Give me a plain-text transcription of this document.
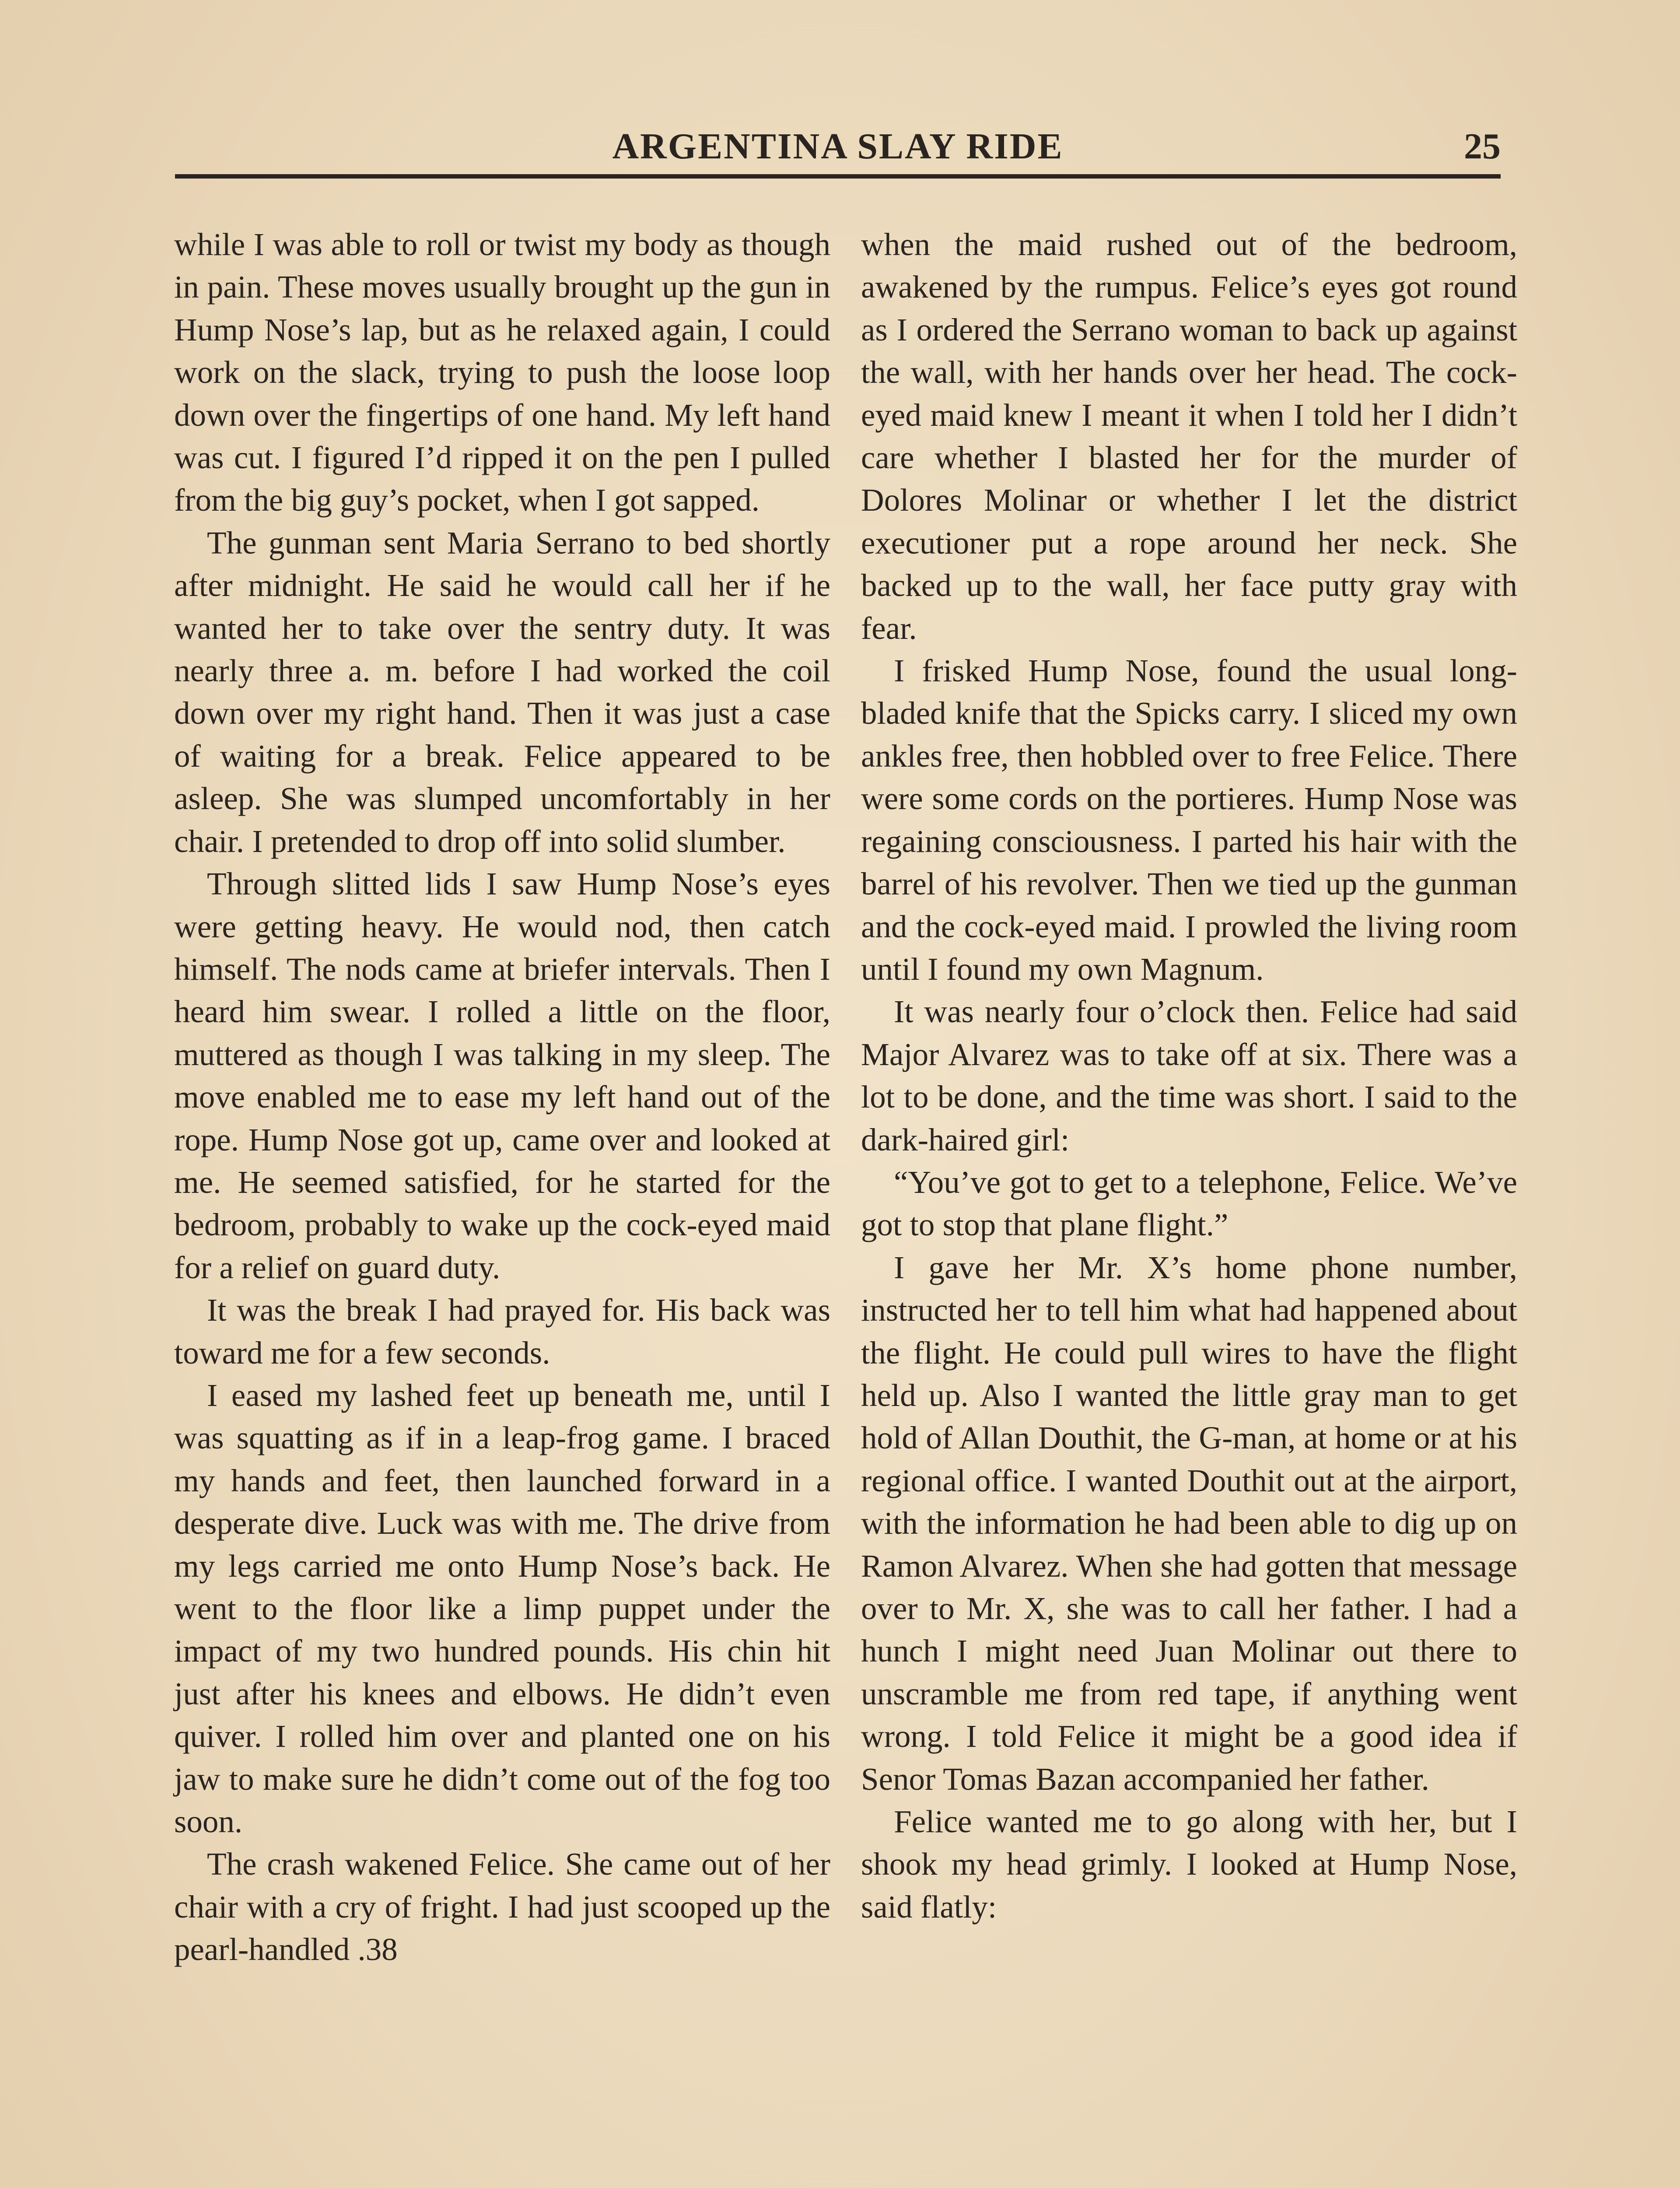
ARGENTINA SLAY RIDE	25

while I was able to roll or twist my body as though in pain. These moves usually brought up the gun in Hump Nose’s lap, but as he relaxed again, I could work on the slack, trying to push the loose loop down over the fingertips of one hand. My left hand was cut. I figured I’d ripped it on the pen I pulled from the big guy’s pocket, when I got sapped.

The gunman sent Maria Serrano to bed shortly after midnight. He said he would call her if he wanted her to take over the sentry duty. It was nearly three a. m. before I had worked the coil down over my right hand. Then it was just a case of waiting for a break. Felice appeared to be asleep. She was slumped uncomfortably in her chair. I pretended to drop off into solid slumber.

Through slitted lids I saw Hump Nose’s eyes were getting heavy. He would nod, then catch himself. The nods came at briefer intervals. Then I heard him swear. I rolled a little on the floor, muttered as though I was talking in my sleep. The move enabled me to ease my left hand out of the rope. Hump Nose got up, came over and looked at me. He seemed satisfied, for he started for the bedroom, probably to wake up the cock-eyed maid for a relief on guard duty.

It was the break I had prayed for. His back was toward me for a few seconds.

I eased my lashed feet up beneath me, until I was squatting as if in a leap-frog game. I braced my hands and feet, then launched forward in a desperate dive. Luck was with me. The drive from my legs carried me onto Hump Nose’s back. He went to the floor like a limp puppet under the impact of my two hundred pounds. His chin hit just after his knees and elbows. He didn’t even quiver. I rolled him over and planted one on his jaw to make sure he didn’t come out of the fog too soon.

The crash wakened Felice. She came out of her chair with a cry of fright. I had just scooped up the pearl-handled .38

when the maid rushed out of the bedroom, awakened by the rumpus. Felice’s eyes got round as I ordered the Serrano woman to back up against the wall, with her hands over her head. The cock-eyed maid knew I meant it when I told her I didn’t care whether I blasted her for the murder of Dolores Molinar or whether I let the district executioner put a rope around her neck. She backed up to the wall, her face putty gray with fear.

I frisked Hump Nose, found the usual long-bladed knife that the Spicks carry. I sliced my own ankles free, then hobbled over to free Felice. There were some cords on the portieres. Hump Nose was regaining consciousness. I parted his hair with the barrel of his revolver. Then we tied up the gunman and the cock-eyed maid. I prowled the living room until I found my own Magnum.

It was nearly four o’clock then. Felice had said Major Alvarez was to take off at six. There was a lot to be done, and the time was short. I said to the dark-haired girl:

“You’ve got to get to a telephone, Felice. We’ve got to stop that plane flight.”

I gave her Mr. X’s home phone number, instructed her to tell him what had happened about the flight. He could pull wires to have the flight held up. Also I wanted the little gray man to get hold of Allan Douthit, the G-man, at home or at his regional office. I wanted Douthit out at the airport, with the information he had been able to dig up on Ramon Alvarez. When she had gotten that message over to Mr. X, she was to call her father. I had a hunch I might need Juan Molinar out there to unscramble me from red tape, if anything went wrong. I told Felice it might be a good idea if Senor Tomas Bazan accompanied her father.

Felice wanted me to go along with her, but I shook my head grimly. I looked at Hump Nose, said flatly:
